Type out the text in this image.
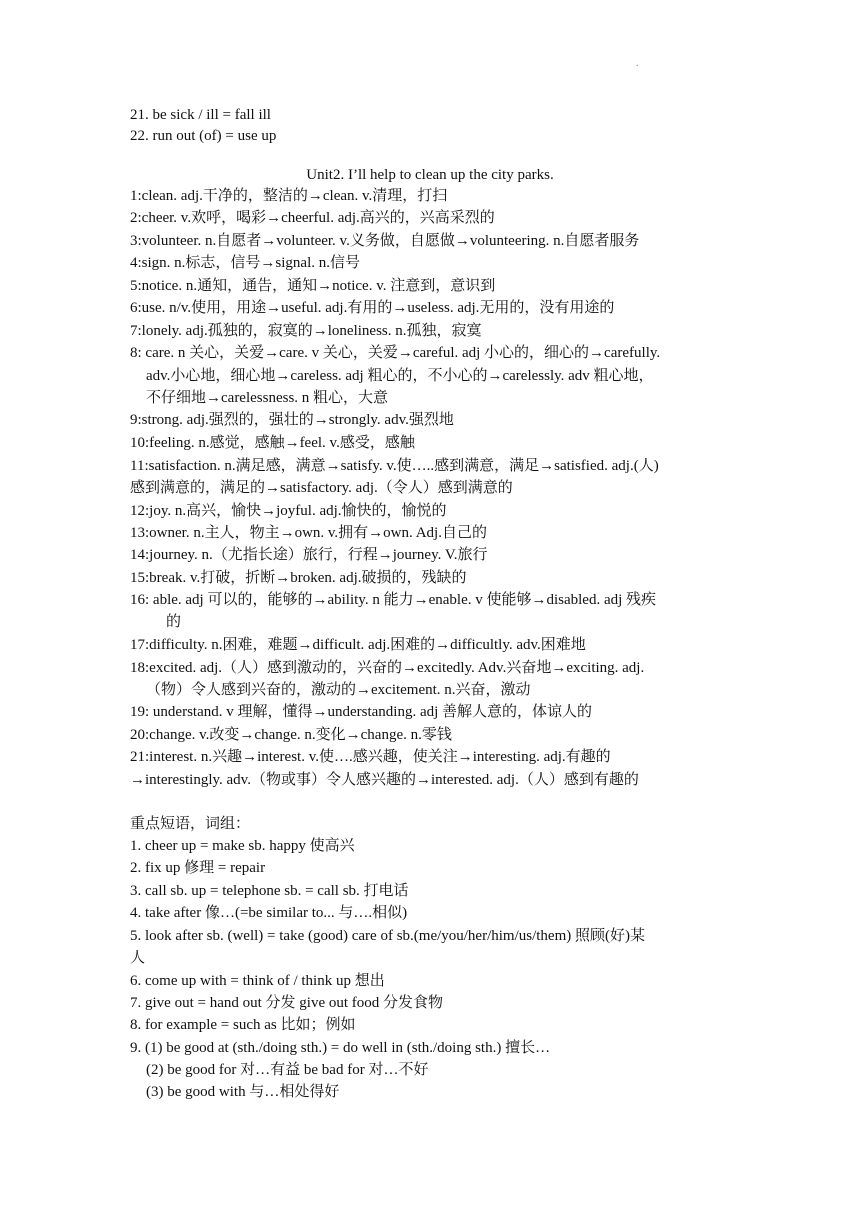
.
21. be sick / ill = fall ill
22. run out (of) = use up
Unit2. I’ll help to clean up the city parks.
1:clean. adj.干净的，整洁的→clean. v.清理，打扫
2:cheer. v.欢呼，喝彩→cheerful. adj.高兴的，兴高采烈的
3:volunteer. n.自愿者→volunteer. v.义务做，自愿做→volunteering. n.自愿者服务
4:sign. n.标志，信号→signal. n.信号
5:notice. n.通知，通告，通知→notice. v. 注意到，意识到
6:use. n/v.使用，用途→useful. adj.有用的→useless. adj.无用的，没有用途的
7:lonely. adj.孤独的，寂寞的→loneliness. n.孤独，寂寞
8: care. n 关心，关爱→care. v 关心，关爱→careful. adj 小心的，细心的→carefully.
adv.小心地，细心地→careless. adj 粗心的，不小心的→carelessly. adv 粗心地，
不仔细地→carelessness. n 粗心，大意
9:strong. adj.强烈的，强壮的→strongly. adv.强烈地
10:feeling. n.感觉，感触→feel. v.感受，感触
11:satisfaction. n.满足感，满意→satisfy. v.使…..感到满意，满足→satisfied. adj.(人)
感到满意的，满足的→satisfactory. adj.（令人）感到满意的
12:joy. n.高兴，愉快→joyful. adj.愉快的，愉悦的
13:owner. n.主人，物主→own. v.拥有→own. Adj.自己的
14:journey. n.（尤指长途）旅行，行程→journey. V.旅行
15:break. v.打破，折断→broken. adj.破损的，残缺的
16: able. adj 可以的，能够的→ability. n 能力→enable. v 使能够→disabled. adj 残疾
的
17:difficulty. n.困难，难题→difficult. adj.困难的→difficultly. adv.困难地
18:excited. adj.（人）感到激动的，兴奋的→excitedly. Adv.兴奋地→exciting. adj.
（物）令人感到兴奋的，激动的→excitement. n.兴奋，激动
19: understand. v 理解，懂得→understanding. adj 善解人意的，体谅人的
20:change. v.改变→change. n.变化→change. n.零钱
21:interest. n.兴趣→interest. v.使….感兴趣，使关注→interesting. adj.有趣的
→interestingly. adv.（物或事）令人感兴趣的→interested. adj.（人）感到有趣的
重点短语，词组：
1. cheer up = make sb. happy 使高兴
2. fix up 修理 = repair
3. call sb. up = telephone sb. = call sb. 打电话
4. take after 像…(=be similar to... 与….相似)
5. look after sb. (well) = take (good) care of sb.(me/you/her/him/us/them) 照顾(好)某
人
6. come up with = think of / think up 想出
7. give out = hand out 分发 give out food 分发食物
8. for example = such as 比如；例如
9. (1) be good at (sth./doing sth.) = do well in (sth./doing sth.) 擅长…
(2) be good for 对…有益 be bad for 对…不好
(3) be good with 与…相处得好
